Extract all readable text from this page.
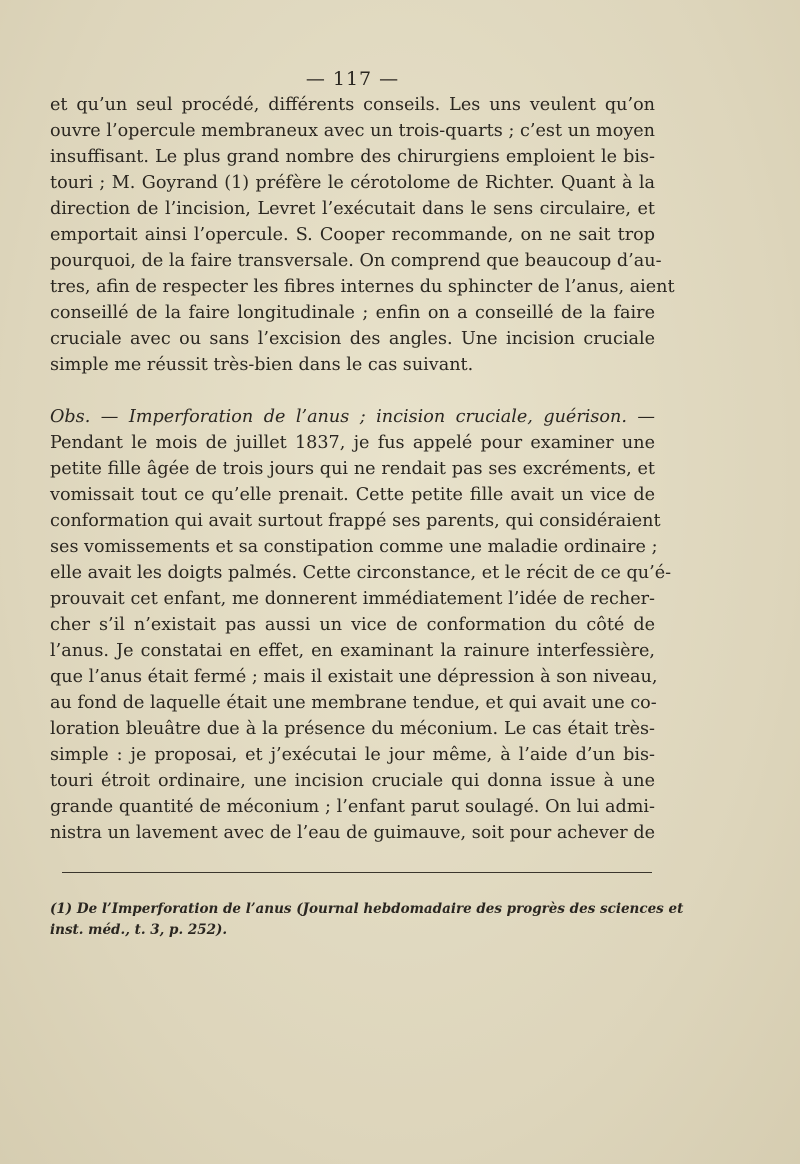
— 117 —
et qu’un seul procédé, différents conseils. Les uns veulent qu’on
ouvre l’opercule membraneux avec un trois-quarts ; c’est un moyen
insuffisant. Le plus grand nombre des chirurgiens emploient le bis-
touri ; M. Goyrand (1) préfère le cérotolome de Richter. Quant à la
direction de l’incision, Levret l’exécutait dans le sens circulaire, et
emportait ainsi l’opercule. S. Cooper recommande, on ne sait trop
pourquoi, de la faire transversale. On comprend que beaucoup d’au-
tres, afin de respecter les fibres internes du sphincter de l’anus, aient
conseillé de la faire longitudinale ; enfin on a conseillé de la faire
cruciale avec ou sans l’excision des angles. Une incision cruciale
simple me réussit très-bien dans le cas suivant.
Obs. — Imperforation de l’anus ; incision cruciale, guérison. —
Pendant le mois de juillet 1837, je fus appelé pour examiner une
petite fille âgée de trois jours qui ne rendait pas ses excréments, et
vomissait tout ce qu’elle prenait. Cette petite fille avait un vice de
conformation qui avait surtout frappé ses parents, qui considéraient
ses vomissements et sa constipation comme une maladie ordinaire ;
elle avait les doigts palmés. Cette circonstance, et le récit de ce qu’é-
prouvait cet enfant, me donnerent immédiatement l’idée de recher-
cher s’il n’existait pas aussi un vice de conformation du côté de
l’anus. Je constatai en effet, en examinant la rainure interfessière,
que l’anus était fermé ; mais il existait une dépression à son niveau,
au fond de laquelle était une membrane tendue, et qui avait une co-
loration bleuâtre due à la présence du méconium. Le cas était très-
simple : je proposai, et j’exécutai le jour même, à l’aide d’un bis-
touri étroit ordinaire, une incision cruciale qui donna issue à une
grande quantité de méconium ; l’enfant parut soulagé. On lui admi-
nistra un lavement avec de l’eau de guimauve, soit pour achever de
(1) De l’Imperforation de l’anus (Journal hebdomadaire des progrès des sciences et
inst. méd., t. 3, p. 252).
